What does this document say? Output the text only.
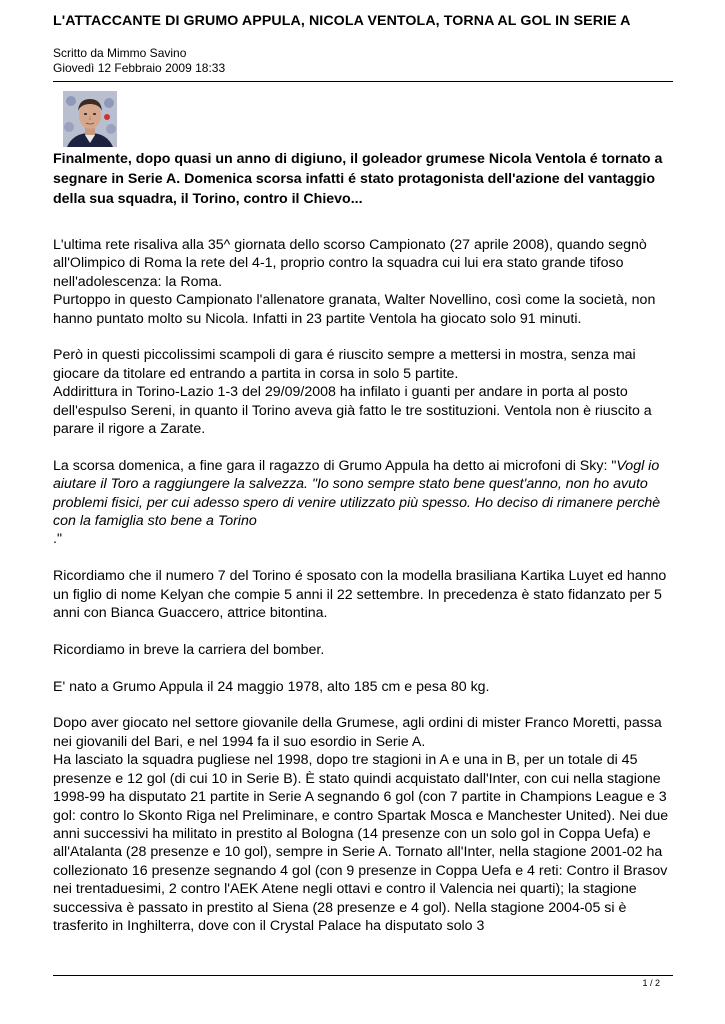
L'ATTACCANTE DI GRUMO APPULA, NICOLA VENTOLA, TORNA AL GOL IN SERIE A
Scritto da Mimmo Savino
Giovedì 12 Febbraio 2009 18:33
Finalmente, dopo quasi un anno di digiuno, il goleador grumese Nicola Ventola é tornato a segnare in Serie A. Domenica scorsa infatti é stato protagonista dell'azione del vantaggio della sua squadra, il Torino, contro il Chievo...

L'ultima rete risaliva alla 35^ giornata dello scorso Campionato (27 aprile 2008), quando segnò all'Olimpico di Roma la rete del 4-1, proprio contro la squadra cui lui era stato grande tifoso nell'adolescenza: la Roma.
Purtoppo in questo Campionato l'allenatore granata, Walter Novellino, così come la società, non hanno puntato molto su Nicola. Infatti in 23 partite Ventola ha giocato solo 91 minuti.

Però in questi piccolissimi scampoli di gara é riuscito sempre a mettersi in mostra, senza mai giocare da titolare ed entrando a partita in corsa in solo 5 partite.
Addirittura in Torino-Lazio 1-3 del 29/09/2008 ha infilato i guanti per andare in porta al posto dell'espulso Sereni, in quanto il Torino aveva già fatto le tre sostituzioni. Ventola non è riuscito a parare il rigore a Zarate.

La scorsa domenica, a fine gara il ragazzo di Grumo Appula ha detto ai microfoni di Sky: "Vogl io aiutare il Toro a raggiungere la salvezza. "Io sono sempre stato bene quest'anno, non ho avuto problemi fisici, per cui adesso spero di venire utilizzato più spesso. Ho deciso di rimanere perchè con la famiglia sto bene a Torino
."

Ricordiamo che il numero 7 del Torino é sposato con la modella brasiliana Kartika Luyet ed hanno un figlio di nome Kelyan che compie 5 anni il 22 settembre. In precedenza è stato fidanzato per 5 anni con Bianca Guaccero, attrice bitontina.

Ricordiamo in breve la carriera del bomber.

E' nato a Grumo Appula il 24 maggio 1978, alto 185 cm e pesa 80 kg.

Dopo aver giocato nel settore giovanile della Grumese, agli ordini di mister Franco Moretti, passa nei giovanili del Bari, e nel 1994 fa il suo esordio in Serie A.
Ha lasciato la squadra pugliese nel 1998, dopo tre stagioni in A e una in B, per un totale di 45 presenze e 12 gol (di cui 10 in Serie B). È stato quindi acquistato dall'Inter, con cui nella stagione 1998-99 ha disputato 21 partite in Serie A segnando 6 gol (con 7 partite in Champions League e 3 gol: contro lo Skonto Riga nel Preliminare, e contro Spartak Mosca e Manchester United). Nei due anni successivi ha militato in prestito al Bologna (14 presenze con un solo gol in Coppa Uefa) e all'Atalanta (28 presenze e 10 gol), sempre in Serie A. Tornato all'Inter, nella stagione 2001-02 ha collezionato 16 presenze segnando 4 gol (con 9 presenze in Coppa Uefa e 4 reti: Contro il Brasov nei trentaduesimi, 2 contro l'AEK Atene negli ottavi e contro il Valencia nei quarti); la stagione successiva è passato in prestito al Siena (28 presenze e 4 gol). Nella stagione 2004-05 si è trasferito in Inghilterra, dove con il Crystal Palace ha disputato solo 3

1 / 2
